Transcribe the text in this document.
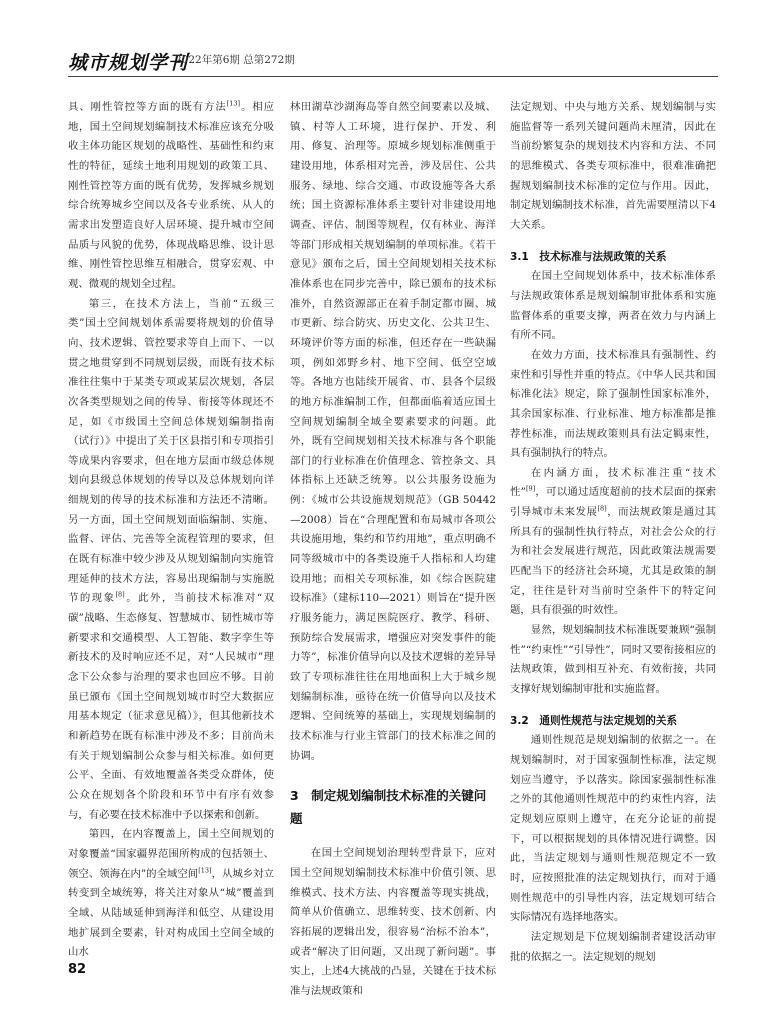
城市规划学刊
2022年第6期 总第272期

具、刚性管控等方面的既有方法[13]。相应地，国土空间规划编制技术标准应该充分吸收主体功能区规划的战略性、基础性和约束性的特征，延续土地利用规划的政策工具、刚性管控等方面的既有优势，发挥城乡规划综合统筹城乡空间以及各专业系统、从人的需求出发塑造良好人居环境、提升城市空间品质与风貌的优势，体现战略思维、设计思维、刚性管控思维互相融合，贯穿宏观、中观、微观的规划全过程。

第三，在技术方法上，当前“五级三类”国土空间规划体系需要将规划的价值导向、技术逻辑、管控要求等自上而下、一以贯之地贯穿到不同规划层级，而既有技术标准往往集中于某类专项或某层次规划，各层次各类型规划之间的传导、衔接等体现还不足，如《市级国土空间总体规划编制指南（试行）》中提出了关于区县指引和专项指引等成果内容要求，但在地方层面市级总体规划向县级总体规划的传导以及总体规划向详细规划的传导的技术标准和方法还不清晰。另一方面，国土空间规划面临编制、实施、监督、评估、完善等全流程管理的要求，但在既有标准中较少涉及从规划编制向实施管理延伸的技术方法，容易出现编制与实施脱节的现象[8]。此外，当前技术标准对“双碳”战略、生态修复、智慧城市、韧性城市等新要求和交通模型、人工智能、数字孪生等新技术的及时响应还不足，对“人民城市”理念下公众参与治理的要求也回应不够。目前虽已颁布《国土空间规划城市时空大数据应用基本规定（征求意见稿）》，但其他新技术和新趋势在既有标准中涉及不多；目前尚未有关于规划编制公众参与相关标准。如何更公平、全面、有效地覆盖各类受众群体，使公众在规划各个阶段和环节中有序有效参与，有必要在技术标准中予以探索和创新。

第四，在内容覆盖上，国土空间规划的对象覆盖“国家疆界范围所构成的包括领土、领空、领海在内”的全域空间[13]，从城乡対立转变到全域统筹，将关注对象从“城”覆盖到全域、从陆域延伸到海洋和低空、从建设用地扩展到全要素，针对构成国土空间全域的山水

林田湖草沙湖海岛等自然空间要素以及城、镇、村等人工环境，进行保护、开发、利用、修复、治理等。原城乡规划标准侧重于建设用地，体系相对完善，涉及居住、公共服务、绿地、综合交通、市政设施等各大系统；国土资源标准体系主要针对非建设用地调查、评估、制图等规程，仅有林业、海洋等部门形成相关规划编制的单项标准。《若干意见》颁布之后，国土空间规划相关技术标准体系也在同步完善中，除已颁布的技术标准外，自然资源部正在着手制定都市圈、城市更新、综合防灾、历史文化、公共卫生、环境评价等方面的标准，但还存在一些缺漏项，例如郊野乡村、地下空间、低空空域等。各地方也陆续开展省、市、县各个层级的地方标准编制工作，但都面临着适应国土空间规划编制全域全要素要求的问题。此外，既有空间规划相关技术标准与各个职能部门的行业标准在价值理念、管控条文、具体指标上还缺乏统筹。以公共服务设施为例：《城市公共设施规划规范》（GB 50442—2008）旨在“合理配置和布局城市各项公共设施用地，集约和节约用地”，重点明确不同等级城市中的各类设施千人指标和人均建设用地；而相关专项标准，如《综合医院建设标准》（建标110—2021）则旨在“提升医疗服务能力，满足医院医疗、教学、科研、预防综合发展需求，增强应对突发事件的能力等”，标准价值导向以及技术逻辑的差异导致了专项标准往往在用地面积上大于城乡规划编制标准，亟待在统一价值导向以及技术逻辑、空间统筹的基础上，实现规划编制的技术标准与行业主管部门的技术标准之间的协调。

3　制定规划编制技术标准的关键问题

在国土空间规划治理转型背景下，应对国土空间规划编制技术标准中价值引领、思维模式、技术方法、内容覆盖等现实挑战，简单从价值确立、思维转变、技术创新、内容拓展的逻辑出发，很容易“治标不治本”，或者“解决了旧问题，又出现了新问题”。事实上，上述4大挑战的凸显，关键在于技术标准与法规政策和

法定规划、中央与地方关系、规划编制与实施监督等一系列关键问题尚未厘清，因此在当前纷繁复杂的规划技术内容和方法、不同的思维模式、各类专项标准中，很难准确把握规划编制技术标准的定位与作用。因此，制定规划编制技术标准，首先需要厘清以下4大关系。

3.1　技术标准与法规政策的关系

在国土空间规划体系中，技术标准体系与法规政策体系是规划编制审批体系和实施监督体系的重要支撑，两者在效力与内涵上有所不同。

在效力方面，技术标准具有强制性、约束性和引导性并重的特点。《中华人民共和国标准化法》规定，除了强制性国家标准外，其余国家标准、行业标准、地方标准都是推荐性标准，而法规政策则具有法定羁束性，具有强制执行的特点。

在内涵方面，技术标准注重“技术性”[9]，可以通过适度超前的技术层面的探索引导城市未来发展[8]，而法规政策是通过其所具有的强制性执行特点，对社会公众的行为和社会发展进行规范，因此政策法规需要匹配当下的经济社会环境，尤其是政策的制定，往往是针对当前时空条件下的特定问题，具有很强的时效性。

显然，规划编制技术标准既要兼顾“强制性”“约束性”“引导性”，同时又要衔接相应的法规政策，做到相互补充、有效衔接，共同支撑好规划编制审批和实施监督。

3.2　通则性规范与法定规划的关系

通则性规范是规划编制的依据之一。在规划编制时，对于国家强制性标准，法定规划应当遵守，予以落实。除国家强制性标准之外的其他通则性规范中的约束性内容，法定规划应原则上遵守，在充分论证的前提下，可以根据规划的具体情况进行调整。因此，当法定规划与通则性规范规定不一致时，应按照批准的法定规划执行，而对于通则性规范中的引导性内容，法定规划可结合实际情况有选择地落实。

法定规划是下位规划编制者建设活动审批的依据之一。法定规划的规划

82
